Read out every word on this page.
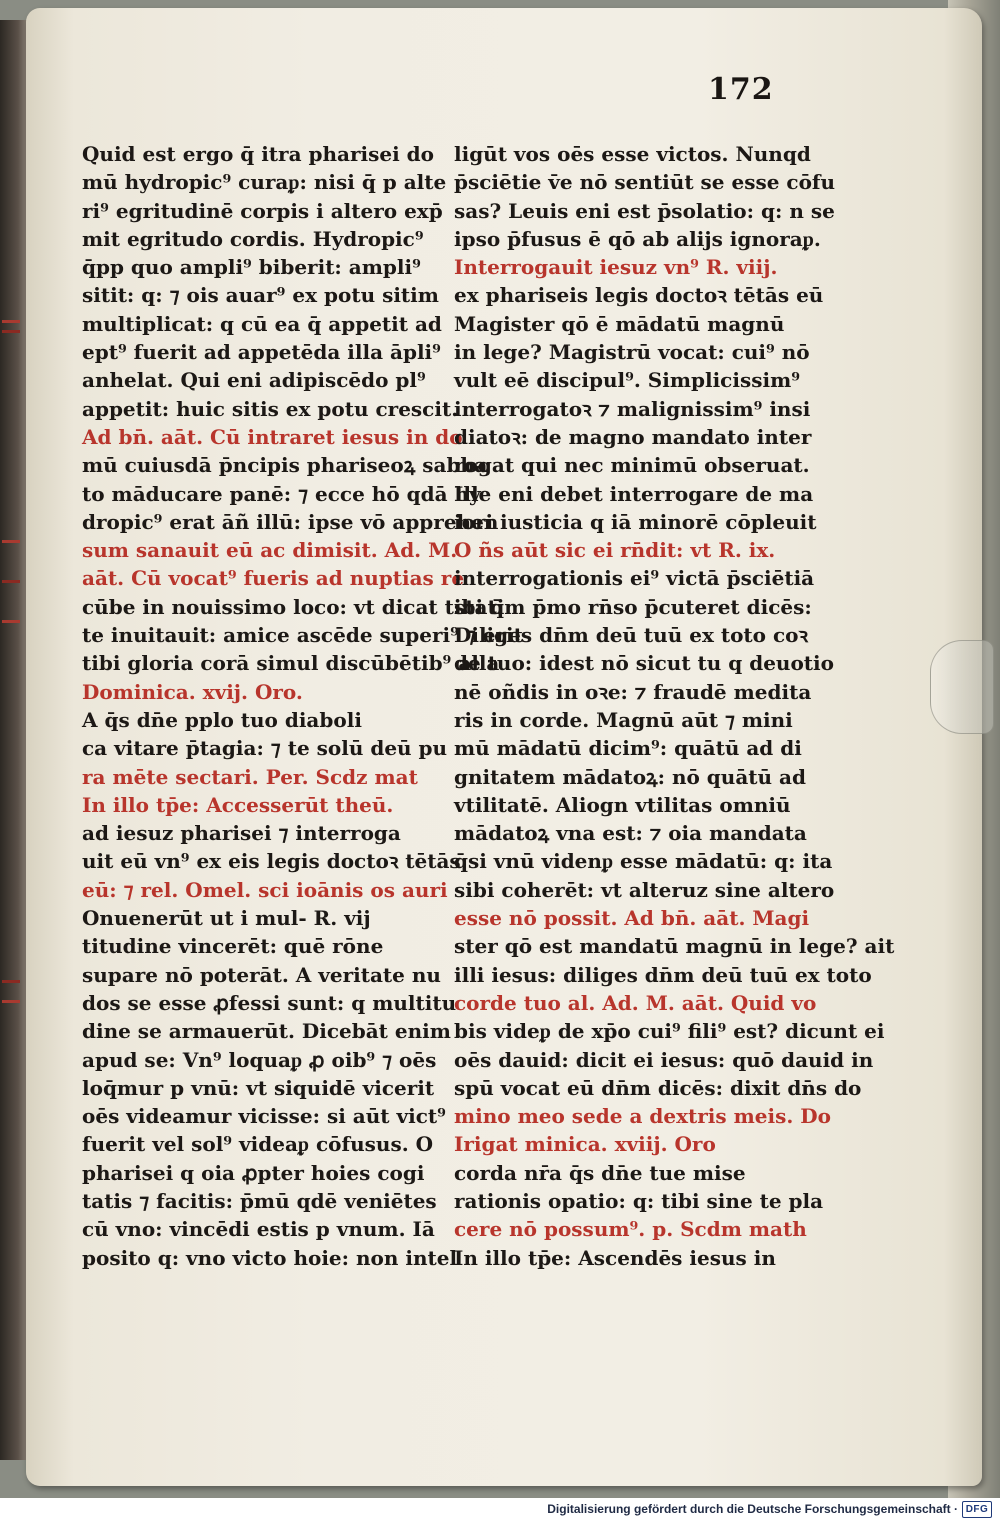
172
Quid est ergo q̄ itra pharisei do
mū hydropic⁹ curaᵱ: nisi q̄ p alte
ri⁹ egritudinē corpis i altero exp̄
mit egritudo cordis. Hydropic⁹
q̄pp quo ampli⁹ biberit: ampli⁹
sitit: q: ⁊ ois auar⁹ ex potu sitim
multiplicat: q cū ea q̄ appetit ad
ept⁹ fuerit ad appetēda illa āpli⁹
anhelat. Qui eni adipiscēdo pl⁹
appetit: huic sitis ex potu crescit.
Ad bn̄. aāt. Cū intraret iesus in do
mū cuiusdā p̄ncipis phariseoꝝ sabba
to māducare panē: ⁊ ecce hō qdā hy
dropic⁹ erat āñ illū: ipse vō apprehen
sum sanauit eū ac dimisit. Ad. M.
aāt. Cū vocat⁹ fueris ad nuptias re
cūbe in nouissimo loco: vt dicat tibi q̄
te inuitauit: amice ascēde superi⁹ ⁊ erit
tibi gloria corā simul discūbētib⁹ alla
Dominica. xvij. Oro.
A q̄s dn̄e pplo tuo diaboli
ca vitare p̄tagia: ⁊ te solū deū pu
ra mēte sectari. Per. Scdz mat
In illo tp̄e: Accesserūt theū.
ad iesuz pharisei ⁊ interroga
uit eū vn⁹ ex eis legis doctoꝛ tētās
eū: ⁊ rel. Omel. sci ioānis os auri
Onuenerūt ut i mul- R. vij
titudine vincerēt: quē rōne
supare nō poterāt. A veritate nu
dos se esse ꝓfessi sunt: q multitu
dine se armauerūt. Dicebāt enim
apud se: Vn⁹ loquaᵱ ꝓ oib⁹ ⁊ oēs
loq̄mur p vnū: vt siquidē vicerit
oēs videamur vicisse: si aūt vict⁹
fuerit vel sol⁹ videaᵱ cōfusus. O
pharisei q oia ꝓpter hoies cogi
tatis ⁊ facitis: p̄mū qdē veniētes
cū vno: vincēdi estis p vnum. Iā
posito q: vno victo hoie: non intel
ligūt vos oēs esse victos. Nunqd
p̄sciētie v̄e nō sentiūt se esse cōfu
sas? Leuis eni est p̄solatio: q: n se
ipso p̄fusus ē qō ab alijs ignoraᵱ.
Interrogauit iesuz vn⁹ R. viij.
ex phariseis legis doctoꝛ tētās eū
Magister qō ē mādatū magnū
in lege? Magistrū vocat: cui⁹ nō
vult eē discipul⁹. Simplicissim⁹
interrogatoꝛ ⁊ malignissim⁹ insi
diatoꝛ: de magno mandato inter
rogat qui nec minimū obseruat.
Ille eni debet interrogare de ma
iori iusticia q iā minorē cōpleuit
O ñs aūt sic ei rn̄dit: vt R. ix.
interrogationis ei⁹ victā p̄sciētiā
statim p̄mo rn̄so p̄cuteret dicēs:
Diliges dn̄m deū tuū ex toto coꝛ
de tuo: idest nō sicut tu q deuotio
nē oñdis in oꝛe: ⁊ fraudē medita
ris in corde. Magnū aūt ⁊ mini
mū mādatū dicim⁹: quātū ad di
gnitatem mādatoꝝ: nō quātū ad
vtilitatē. Aliogn vtilitas omniū
mādatoꝝ vna est: ⁊ oia mandata
q̄si vnū videnᵱ esse mādatū: q: ita
sibi coherēt: vt alteruz sine altero
esse nō possit. Ad bn̄. aāt. Magi
ster qō est mandatū magnū in lege? ait
illi iesus: diliges dn̄m deū tuū ex toto
corde tuo al. Ad. M. aāt. Quid vo
bis videᵱ de xp̄o cui⁹ fili⁹ est? dicunt ei
oēs dauid: dicit ei iesus: quō dauid in
spū vocat eū dn̄m dicēs: dixit dn̄s do
mino meo sede a dextris meis. Do
Irigat minica. xviij. Oro
corda nr̄a q̄s dn̄e tue mise
rationis opatio: q: tibi sine te pla
cere nō possum⁹. p. Scdm math
In illo tp̄e: Ascendēs iesus in
Digitalisierung gefördert durch die Deutsche Forschungsgemeinschaft · DFG
